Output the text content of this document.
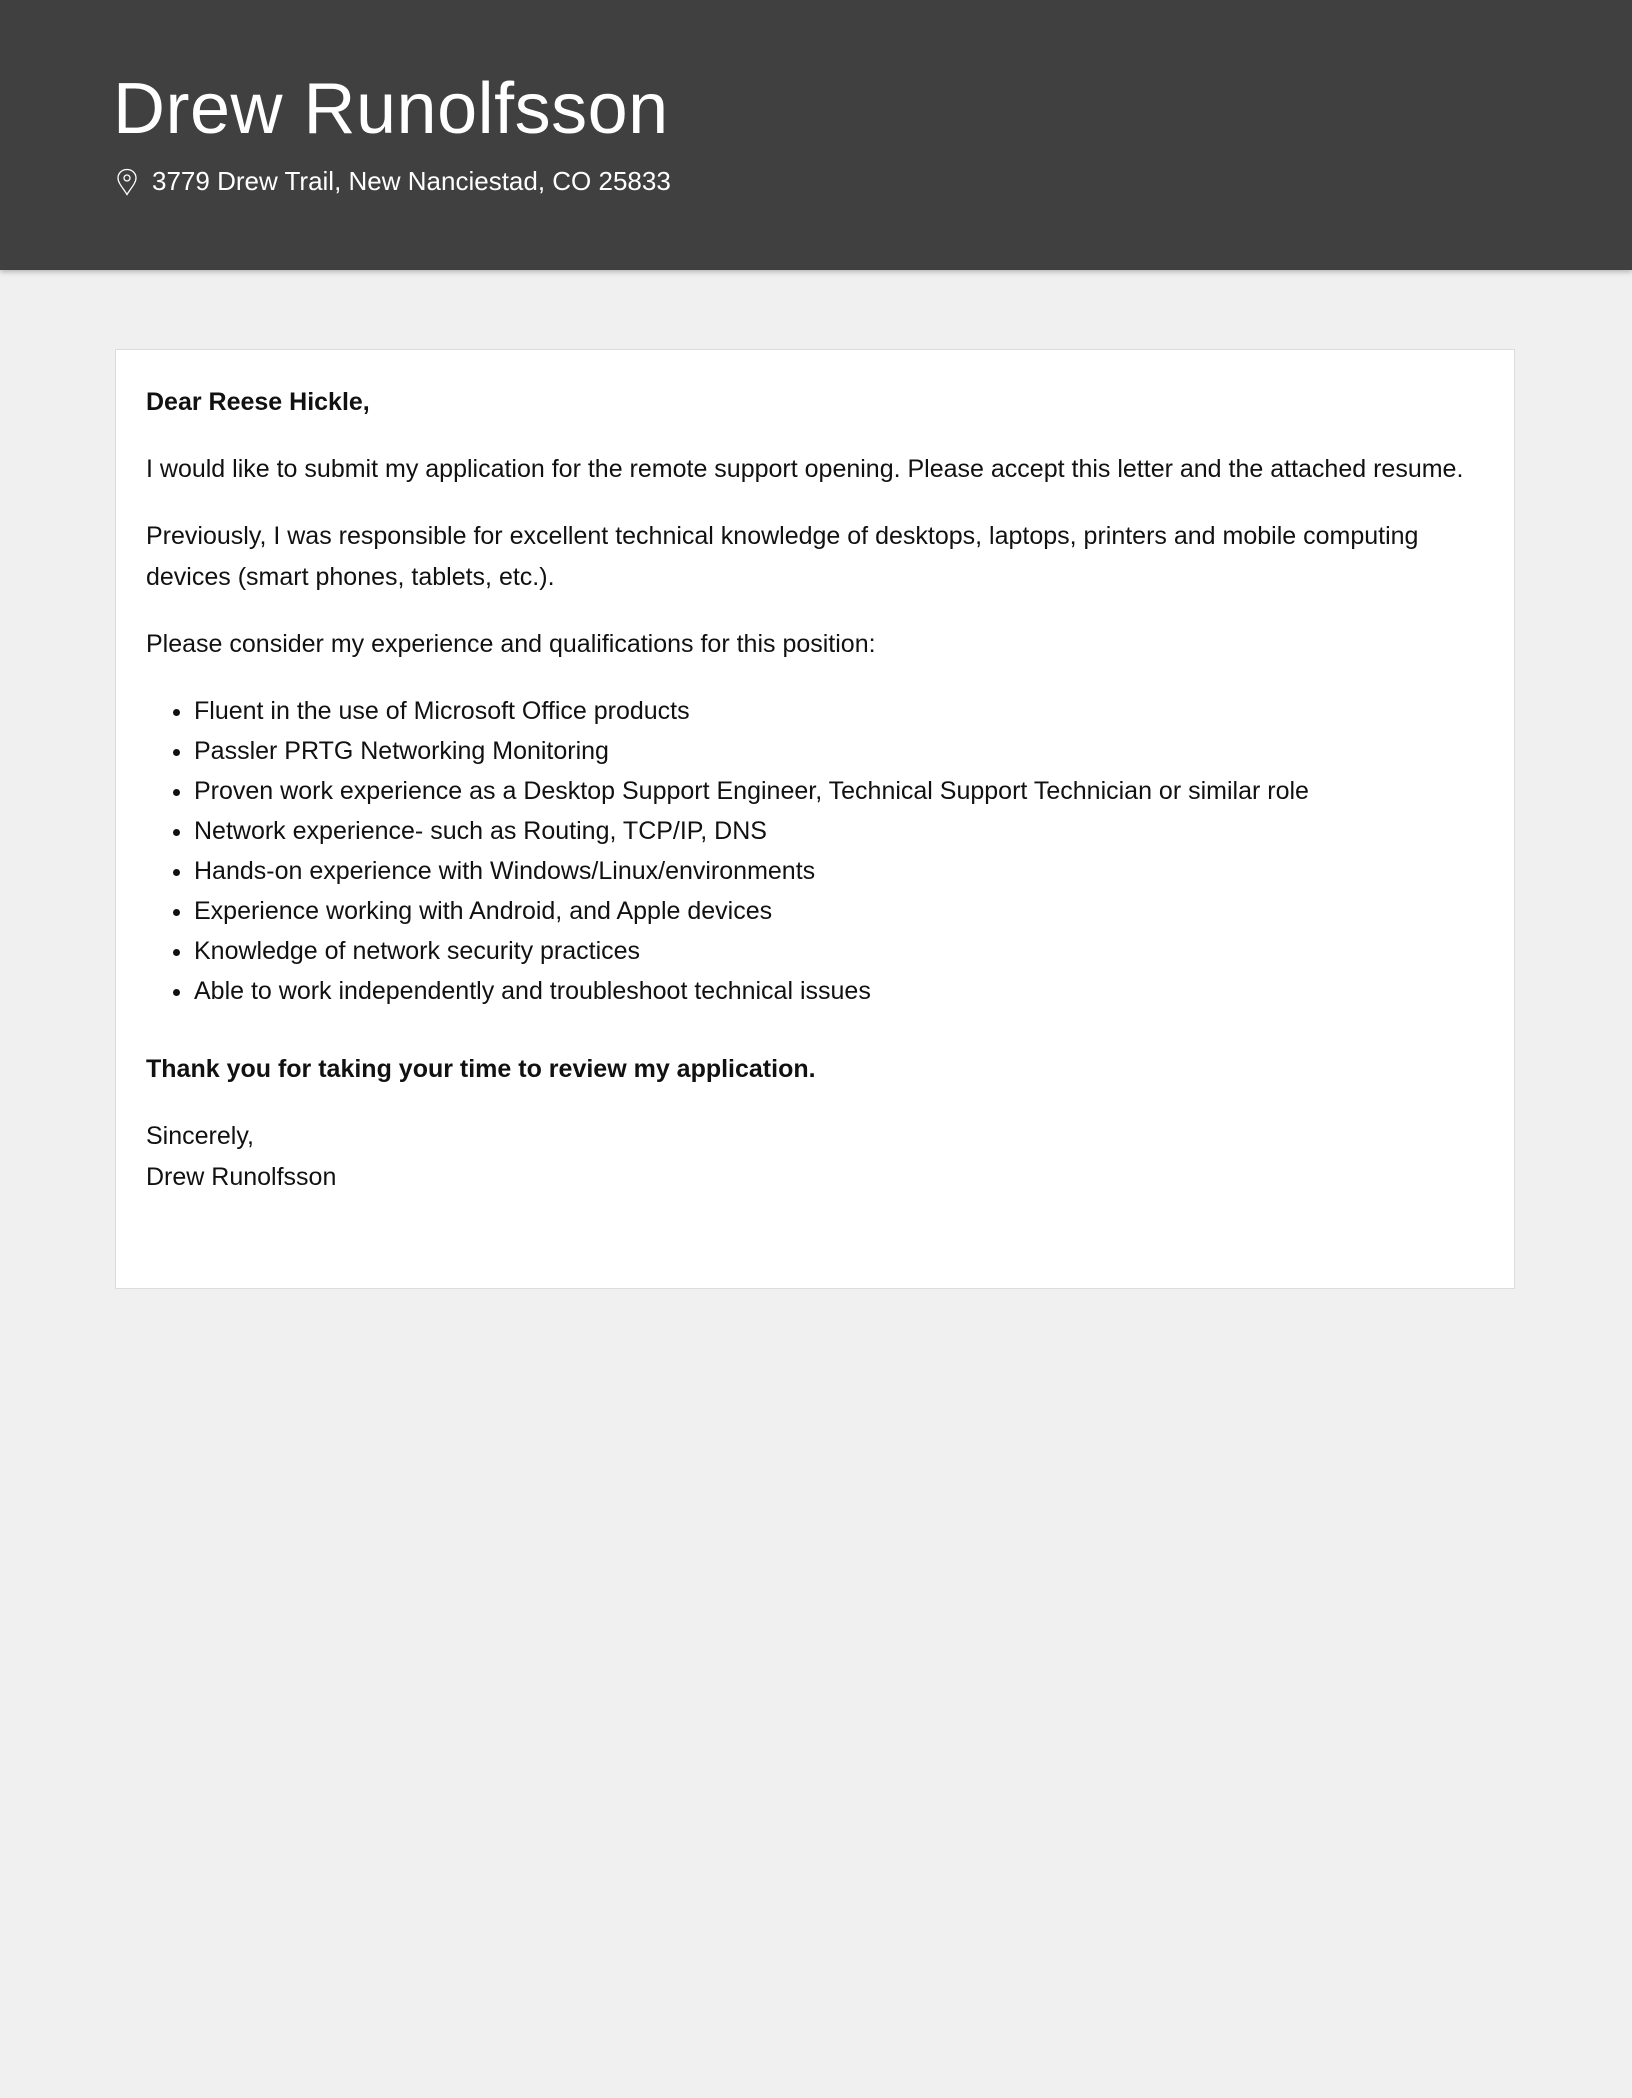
Drew Runolfsson
3779 Drew Trail, New Nanciestad, CO 25833

Dear Reese Hickle,

I would like to submit my application for the remote support opening. Please accept this letter and the attached resume.

Previously, I was responsible for excellent technical knowledge of desktops, laptops, printers and mobile computing devices (smart phones, tablets, etc.).

Please consider my experience and qualifications for this position:

• Fluent in the use of Microsoft Office products
• Passler PRTG Networking Monitoring
• Proven work experience as a Desktop Support Engineer, Technical Support Technician or similar role
• Network experience- such as Routing, TCP/IP, DNS
• Hands-on experience with Windows/Linux/environments
• Experience working with Android, and Apple devices
• Knowledge of network security practices
• Able to work independently and troubleshoot technical issues

Thank you for taking your time to review my application.

Sincerely,
Drew Runolfsson
